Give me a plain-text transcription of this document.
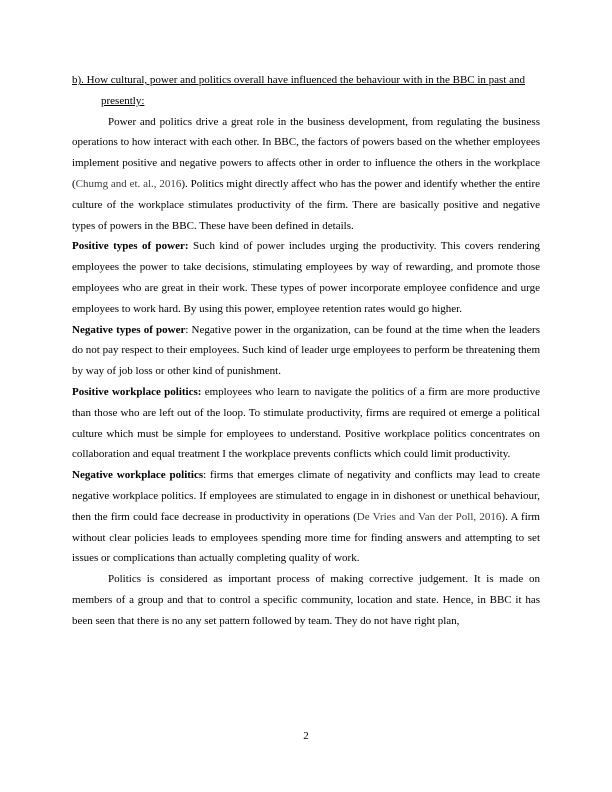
b). How cultural, power and politics overall have influenced the behaviour with in the BBC in past and presently:

Power and politics drive a great role in the business development, from regulating the business operations to how interact with each other. In BBC, the factors of powers based on the whether employees implement positive and negative powers to affects other in order to influence the others in the workplace (Chumg and et. al., 2016). Politics might directly affect who has the power and identify whether the entire culture of the workplace stimulates productivity of the firm. There are basically positive and negative types of powers in the BBC. These have been defined in details.

Positive types of power: Such kind of power includes urging the productivity. This covers rendering employees the power to take decisions, stimulating employees by way of rewarding, and promote those employees who are great in their work. These types of power incorporate employee confidence and urge employees to work hard. By using this power, employee retention rates would go higher.

Negative types of power: Negative power in the organization, can be found at the time when the leaders do not pay respect to their employees. Such kind of leader urge employees to perform be threatening them by way of job loss or other kind of punishment.

Positive workplace politics: employees who learn to navigate the politics of a firm are more productive than those who are left out of the loop. To stimulate productivity, firms are required ot emerge a political culture which must be simple for employees to understand. Positive workplace politics concentrates on collaboration and equal treatment I the workplace prevents conflicts which could limit productivity.

Negative workplace politics: firms that emerges climate of negativity and conflicts may lead to create negative workplace politics. If employees are stimulated to engage in in dishonest or unethical behaviour, then the firm could face decrease in productivity in operations (De Vries and Van der Poll, 2016). A firm without clear policies leads to employees spending more time for finding answers and attempting to set issues or complications than actually completing quality of work.

Politics is considered as important process of making corrective judgement. It is made on members of a group and that to control a specific community, location and state. Hence, in BBC it has been seen that there is no any set pattern followed by team. They do not have right plan,

2
